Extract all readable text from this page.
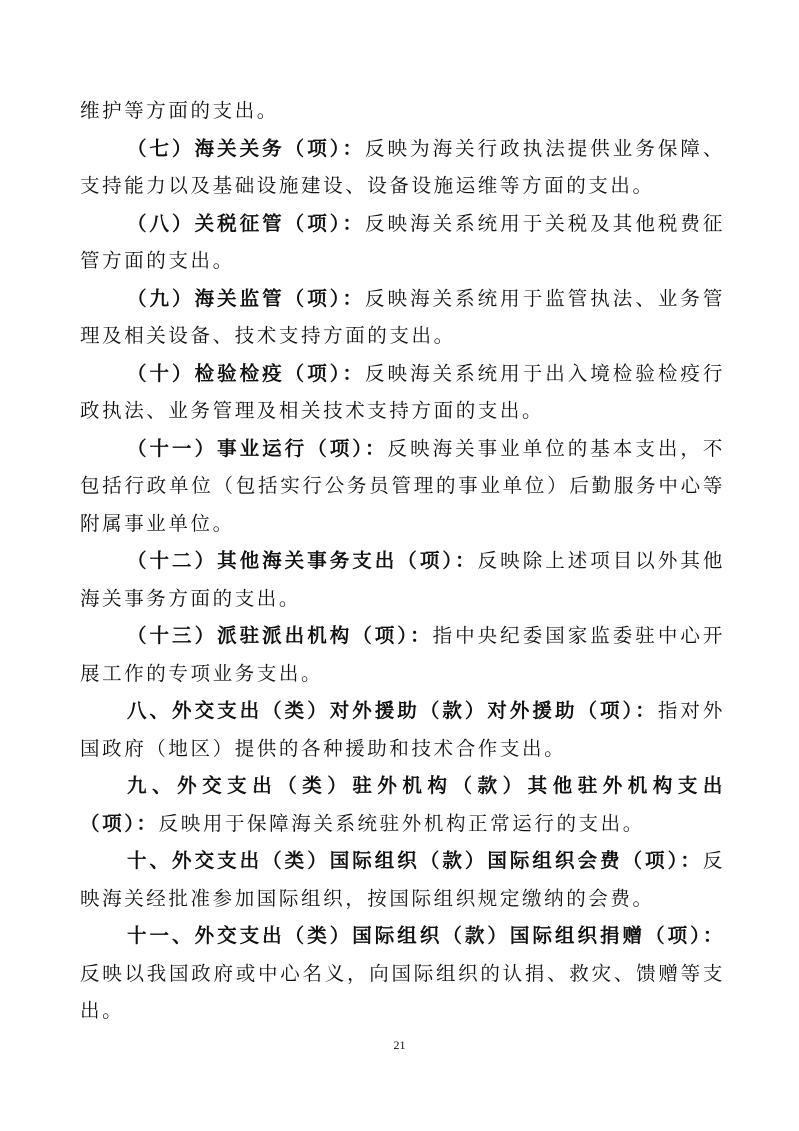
维护等方面的支出。

（七）海关关务（项）：反映为海关行政执法提供业务保障、支持能力以及基础设施建设、设备设施运维等方面的支出。

（八）关税征管（项）：反映海关系统用于关税及其他税费征管方面的支出。

（九）海关监管（项）：反映海关系统用于监管执法、业务管理及相关设备、技术支持方面的支出。

（十）检验检疫（项）：反映海关系统用于出入境检验检疫行政执法、业务管理及相关技术支持方面的支出。

（十一）事业运行（项）：反映海关事业单位的基本支出，不包括行政单位（包括实行公务员管理的事业单位）后勤服务中心等附属事业单位。

（十二）其他海关事务支出（项）：反映除上述项目以外其他海关事务方面的支出。

（十三）派驻派出机构（项）：指中央纪委国家监委驻中心开展工作的专项业务支出。

八、外交支出（类）对外援助（款）对外援助（项）：指对外国政府（地区）提供的各种援助和技术合作支出。

九、外交支出（类）驻外机构（款）其他驻外机构支出（项）：反映用于保障海关系统驻外机构正常运行的支出。

十、外交支出（类）国际组织（款）国际组织会费（项）：反映海关经批准参加国际组织，按国际组织规定缴纳的会费。

十一、外交支出（类）国际组织（款）国际组织捐赠（项）：反映以我国政府或中心名义，向国际组织的认捐、救灾、馈赠等支出。

21
